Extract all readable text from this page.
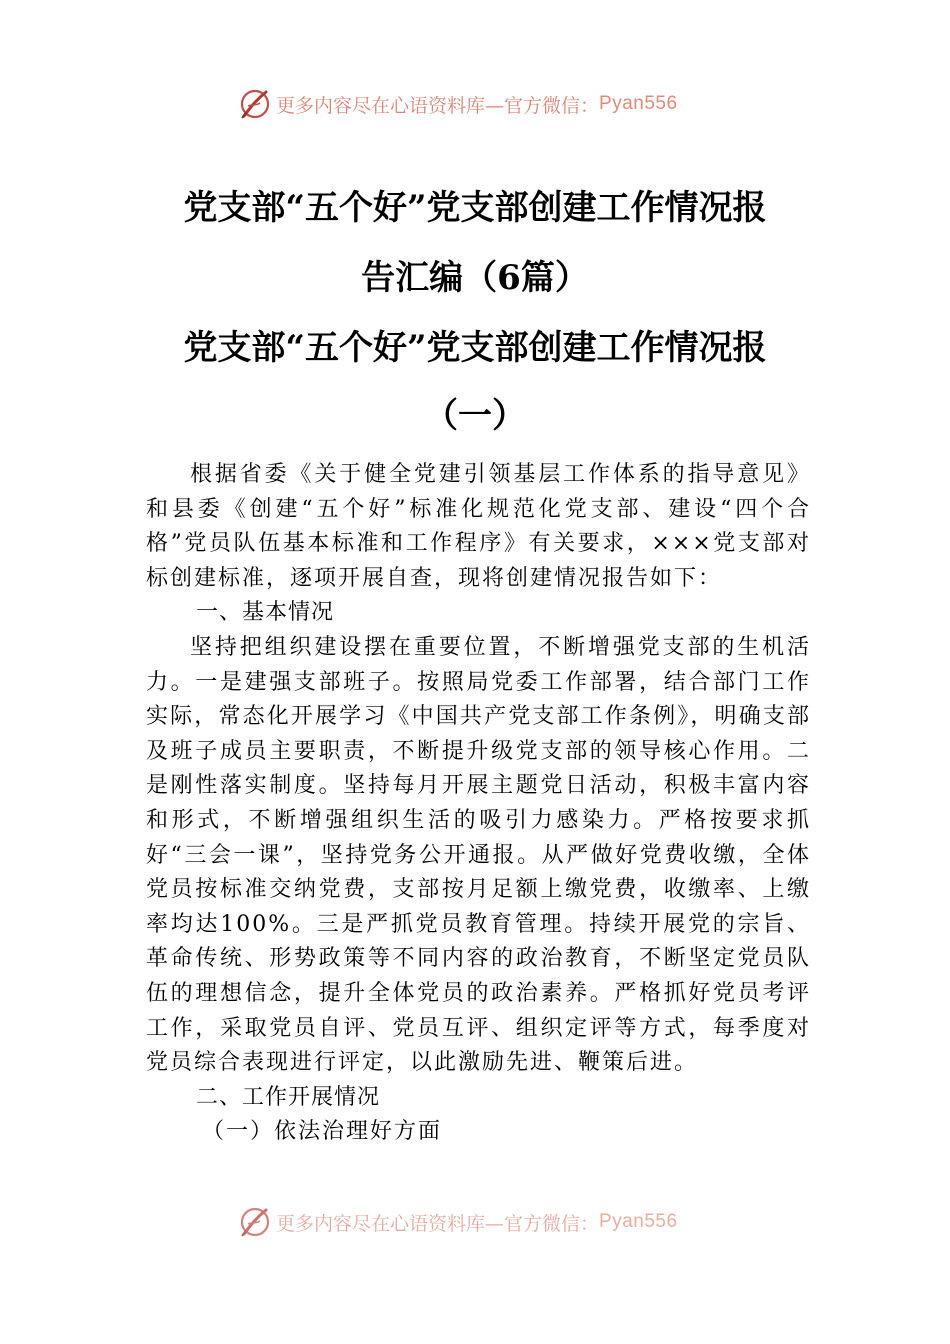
更多内容尽在心语资料库—官方微信： Pyan556
党支部“五个好”党支部创建工作情况报
告汇编（6篇）
党支部“五个好”党支部创建工作情况报
（一）

根据省委《关于健全党建引领基层工作体系的指导意见》和县委《创建“五个好”标准化规范化党支部、建设“四个合格”党员队伍基本标准和工作程序》有关要求，×××党支部对标创建标准，逐项开展自查，现将创建情况报告如下：

一、基本情况

坚持把组织建设摆在重要位置，不断增强党支部的生机活力。一是建强支部班子。按照局党委工作部署，结合部门工作实际，常态化开展学习《中国共产党支部工作条例》，明确支部及班子成员主要职责，不断提升级党支部的领导核心作用。二是刚性落实制度。坚持每月开展主题党日活动，积极丰富内容和形式，不断增强组织生活的吸引力感染力。严格按要求抓好“三会一课”，坚持党务公开通报。从严做好党费收缴，全体党员按标准交纳党费，支部按月足额上缴党费，收缴率、上缴率均达100%。三是严抓党员教育管理。持续开展党的宗旨、革命传统、形势政策等不同内容的政治教育，不断坚定党员队伍的理想信念，提升全体党员的政治素养。严格抓好党员考评工作，采取党员自评、党员互评、组织定评等方式，每季度对党员综合表现进行评定，以此激励先进、鞭策后进。

二、工作开展情况

（一）依法治理好方面

更多内容尽在心语资料库—官方微信： Pyan556
